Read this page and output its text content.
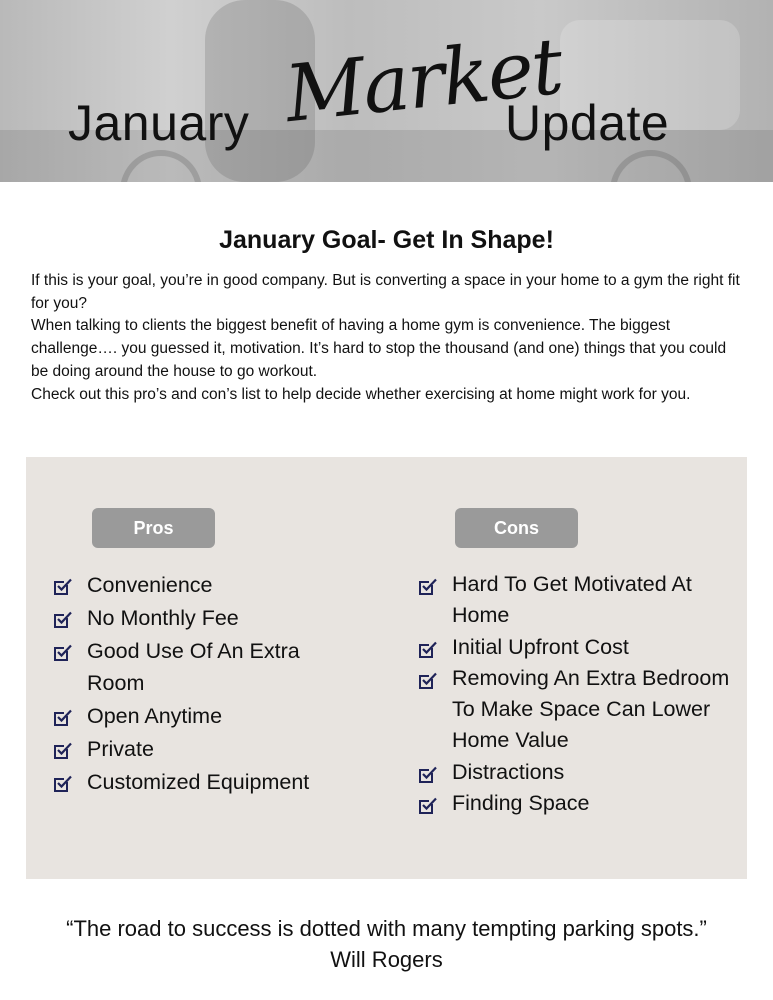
January Market
Update
January Goal- Get In Shape!

If this is your goal, you’re in good company. But is converting a space in your home to a gym the right fit for you?

When talking to clients the biggest benefit of having a home gym is convenience. The biggest challenge…. you guessed it, motivation. It’s hard to stop the thousand (and one) things that you could be doing around the house to go workout.

Check out this pro’s and con’s list to help decide whether exercising at home might work for you.

Pros	Cons
Convenience
No Monthly Fee
Good Use Of An Extra Room
Open Anytime
Private
Customized Equipment
Hard To Get Motivated At Home
Initial Upfront Cost
Removing An Extra Bedroom To Make Space Can Lower Home Value
Distractions
Finding Space
“The road to success is dotted with many tempting parking spots.”
Will Rogers
